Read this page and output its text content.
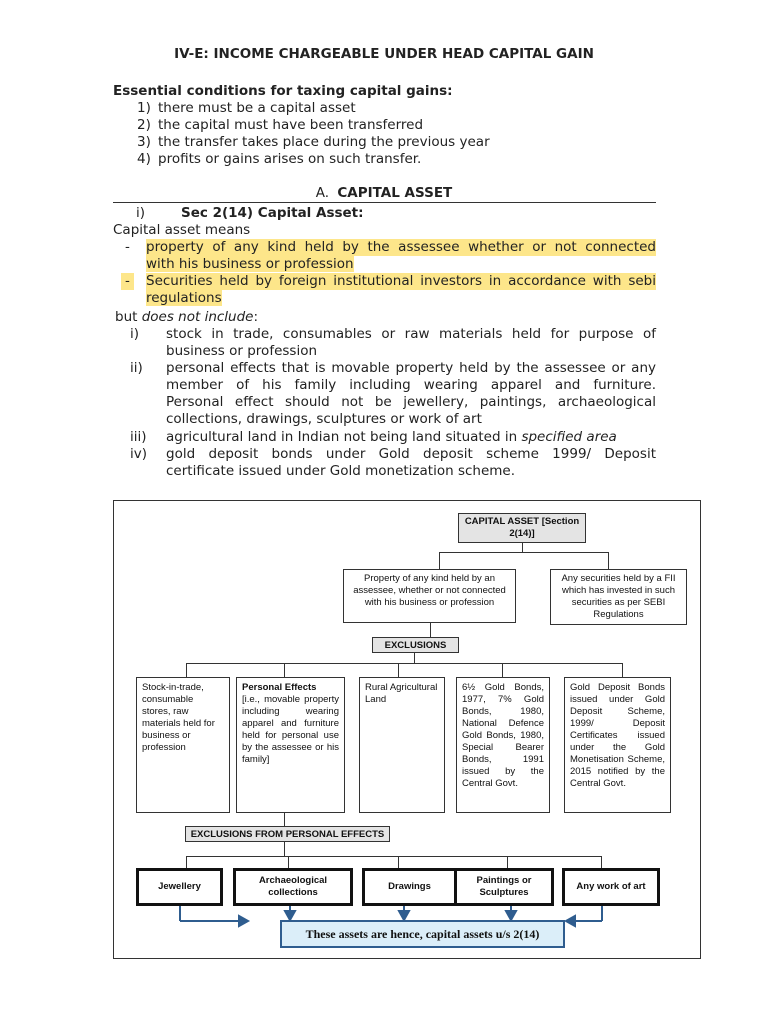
IV-E: INCOME CHARGEABLE UNDER HEAD CAPITAL GAIN
Essential conditions for taxing capital gains:
1) there must be a capital asset
2) the capital must have been transferred
3) the transfer takes place during the previous year
4) profits or gains arises on such transfer.
A. CAPITAL ASSET
i)	Sec 2(14) Capital Asset:
Capital asset means
- property of any kind held by the assessee whether or not connected
with his business or profession
- Securities held by foreign institutional investors in accordance with sebi
regulations
but does not include:
i) stock in trade, consumables or raw materials held for purpose of
business or profession
ii) personal effects that is movable property held by the assessee or any
member of his family including wearing apparel and furniture.
Personal effect should not be jewellery, paintings, archaeological
collections, drawings, sculptures or work of art
iii) agricultural land in Indian not being land situated in specified area
iv) gold deposit bonds under Gold deposit scheme 1999/ Deposit
certificate issued under Gold monetization scheme.
CAPITAL ASSET [Section 2(14)]
Property of any kind held by an assessee, whether or not connected with his business or profession
Any securities held by a FII which has invested in such securities as per SEBI Regulations
EXCLUSIONS
Stock-in-trade, consumable stores, raw materials held for business or profession
Personal Effects
[i.e., movable property including wearing apparel and furniture held for personal use by the assessee or his family]
Rural Agricultural Land
6½ Gold Bonds, 1977, 7% Gold Bonds, 1980, National Defence Gold Bonds, 1980, Special Bearer Bonds, 1991 issued by the Central Govt.
Gold Deposit Bonds issued under Gold Deposit Scheme, 1999/ Deposit Certificates issued under the Gold Monetisation Scheme, 2015 notified by the Central Govt.
EXCLUSIONS FROM PERSONAL EFFECTS
Jewellery
Archaeological collections
Drawings
Paintings or Sculptures
Any work of art
These assets are hence, capital assets u/s 2(14)
